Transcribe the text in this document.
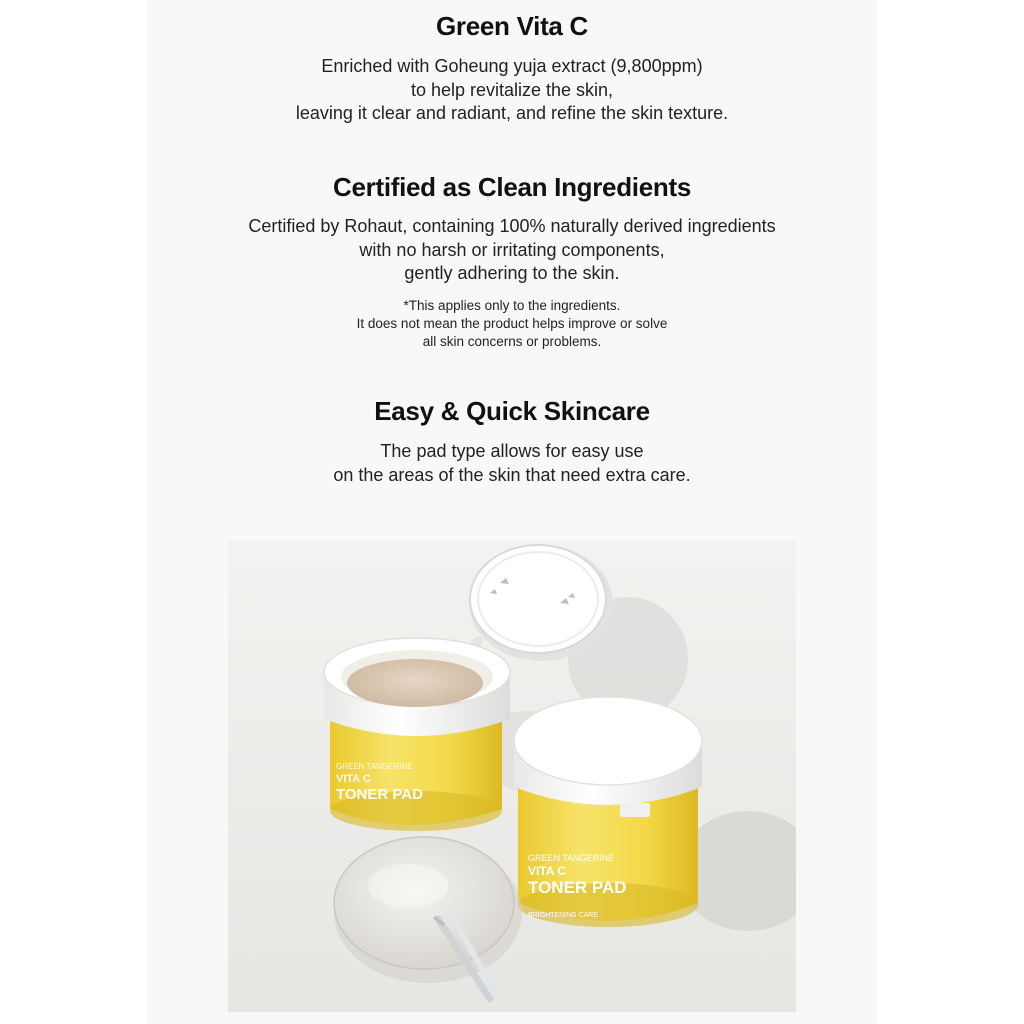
Green Vita C
Enriched with Goheung yuja extract (9,800ppm)
to help revitalize the skin,
leaving it clear and radiant, and refine the skin texture.
Certified as Clean Ingredients
Certified by Rohaut, containing 100% naturally derived ingredients
with no harsh or irritating components,
gently adhering to the skin.
*This applies only to the ingredients.
It does not mean the product helps improve or solve
all skin concerns or problems.
Easy & Quick Skincare
The pad type allows for easy use
on the areas of the skin that need extra care.
GREEN TANGERINE
VITA C
TONER PAD
GREEN TANGERINE
VITA C
TONER PAD
BRIGHTENING CARE
